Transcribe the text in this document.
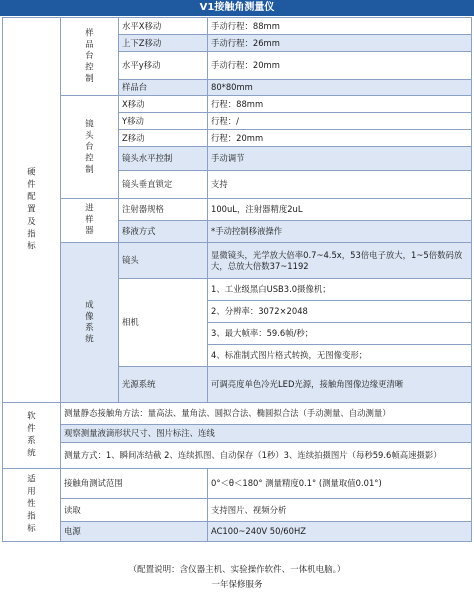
V1接触角测量仪
硬件配置及指标	样品台控制	水平X移动	手动行程：88mm
		上下Z移动	手动行程：26mm
		水平y移动	手动行程：20mm
		样品台	80*80mm
	镜头台控制	X移动	行程：88mm
		Y移动	行程：/
		Z移动	行程：20mm
		镜头水平控制	手动调节
		镜头垂直锁定	支持
	进样器	注射器规格	100uL，注射器精度2uL
		移液方式	*手动控制移液操作
	成像系统	镜头	显微镜头，光学放大倍率0.7~4.5x，53倍电子放大，1~5倍数码放大，总放大倍数37~1192
		相机	1、工业级黑白USB3.0摄像机；
			2、分辨率：3072×2048
			3、最大帧率：59.6帧/秒；
			4、标准制式图片格式转换，无图像变形；
		光源系统	可调亮度单色冷光LED光源，接触角图像边缘更清晰
软件系统	测量静态接触角方法：量高法、量角法、圆拟合法、椭圆拟合法（手动测量、自动测量）		
	观察测量液滴形状尺寸、图片标注、连线		
	测量方式：1、瞬间冻结截 2、连续抓图、自动保存（1秒）3、连续拍摄图片（每秒59.6帧高速摄影）		
适用性指标	接触角测试范围		0°＜θ＜180° 测量精度0.1° (测量取值0.01°)
	读取		支持图片、视频分析
	电源		AC100~240V 50/60HZ
（配置说明：含仪器主机、实验操作软件、一体机电脑。）
一年保修服务
